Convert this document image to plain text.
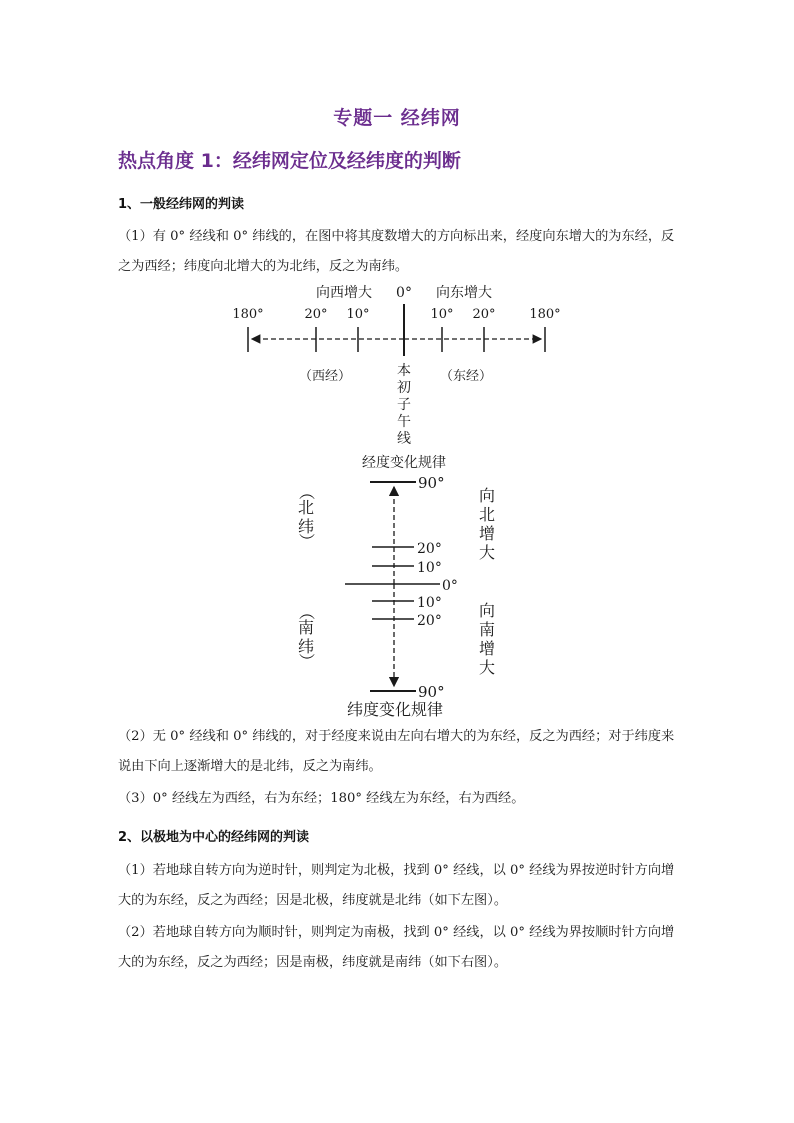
专题一 经纬网
热点角度 1：经纬网定位及经纬度的判断
1、一般经纬网的判读
（1）有 0° 经线和 0° 纬线的，在图中将其度数增大的方向标出来，经度向东增大的为东经，反之为西经；纬度向北增大的为北纬，反之为南纬。
向西增大 0° 向东增大
180°	20° 10°	10° 20°	180°
（西经）	（东经）
本
初
子
午
线
经度变化规律
90°
20°
10°
0°
10°
20°
90°
（
北
纬
）
（
南
纬
）
向
北
增
大
向
南
增
大
纬度变化规律
（2）无 0° 经线和 0° 纬线的，对于经度来说由左向右增大的为东经，反之为西经；对于纬度来说由下向上逐渐增大的是北纬，反之为南纬。
（3）0° 经线左为西经，右为东经；180° 经线左为东经，右为西经。
2、以极地为中心的经纬网的判读
（1）若地球自转方向为逆时针，则判定为北极，找到 0° 经线，以 0° 经线为界按逆时针方向增大的为东经，反之为西经；因是北极，纬度就是北纬（如下左图）。
（2）若地球自转方向为顺时针，则判定为南极，找到 0° 经线，以 0° 经线为界按顺时针方向增大的为东经，反之为西经；因是南极，纬度就是南纬（如下右图）。
